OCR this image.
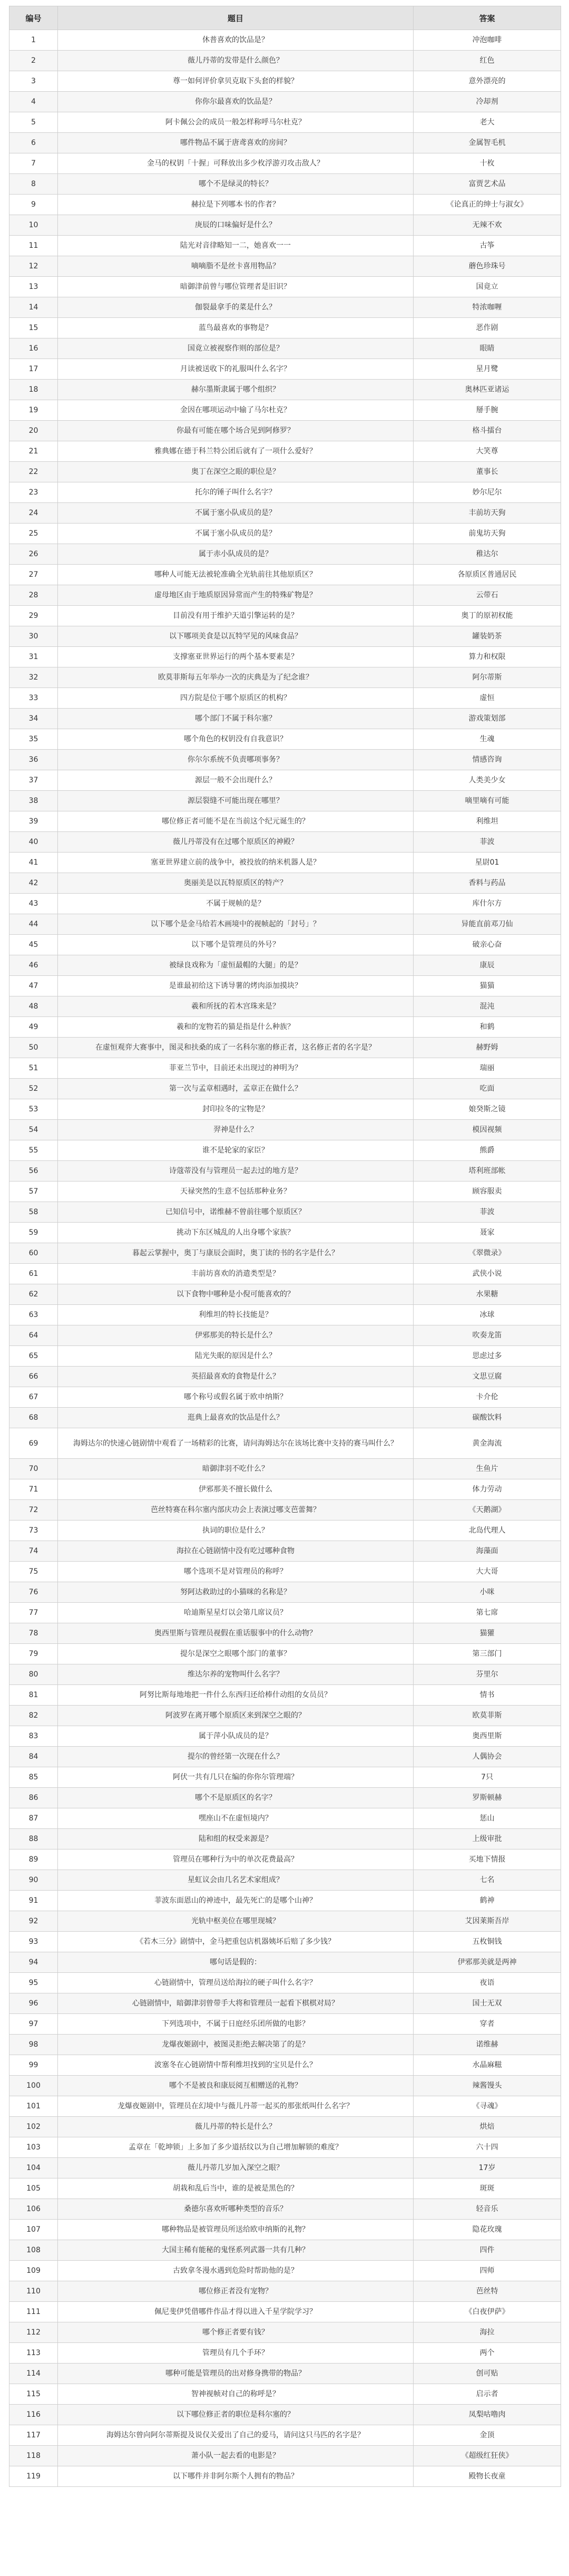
编号	题目	答案
1	休普喜欢的饮品是？	冲泡咖啡
2	薇儿丹蒂的发带是什么颜色？	红色
3	尊一如何评价拿贝克取下头套的样貌？	意外漂亮的
4	你你尔最喜欢的饮品是？	冷却剂
5	阿卡佩公会的成员一般怎样称呼马尔杜克？	老大
6	哪件物品不属于唐鸢喜欢的房间？	金属智毛机
7	金马的权钥「十握」可释放出多少枚浮游刃攻击敌人？	十枚
8	哪个不是绿灵的特长？	富贾艺术品
9	赫拉是下列哪本书的作者？	《论真正的绅士与淑女》
10	庚辰的口味偏好是什么？	无辣不欢
11	陆光对音律略知一二，她喜欢一一	古筝
12	嘀嘀脂不是丝卡喜用物品？	蘑色珍珠号
13	暗御津前曾与哪位管理者是旧识？	国竟立
14	伽裂最拿手的菜是什么？	特浓咖喱
15	蓝鸟最喜欢的事物是？	恶作剧
16	国竟立被视察作则的部位是？	眼睛
17	月读被送收下的礼服叫什么名字？	星月鹭
18	赫尔墨斯隶属于哪个组织？	奥林匹亚诸运
19	金因在哪项运动中输了马尔杜克？	掰手腕
20	你最有可能在哪个场合见到阿修罗？	格斗擂台
21	雅典娜在德于科兰特公团后就有了一项什么爱好？	大笑尊
22	奥丁在深空之眼的职位是？	董事长
23	托尔的锤子叫什么名字？	妙尔尼尔
24	不属于塞小队成员的是？	丰前坊天狗
25	不属于塞小队成员的是？	前鬼坊天狗
26	属于赤小队成员的是？	稚达尔
27	哪种人可能无法被轮准确全光轨前往其他原质区？	各原质区普通居民
28	虚母地区由于地质原因异常而产生的特殊矿物是？	云带石
29	目前没有用于维护天道引擎运转的是？	奥丁的原初权能
30	以下哪项美食是以瓦特罕见的风味食品？	罐装奶茶
31	支撑塞亚世界运行的两个基本要素是？	算力和权限
32	欧莫菲斯每五年举办一次的庆典是为了纪念谁？	阿尔蒂斯
33	四方院是位于哪个原质区的机构？	虚恒
34	哪个部门不属于科尔塞？	游戏策划部
35	哪个角色的权钥没有自我意识？	生魂
36	你尔尔系统不负责哪项事务？	情感咨询
37	源层一般不会出现什么？	人类美少女
38	源层裂缝不可能出现在哪里？	嘀里嘀有可能
39	哪位修正者可能不是在当前这个纪元诞生的？	利维坦
40	薇儿丹蒂没有在过哪个原质区的神殿？	菲波
41	塞亚世界建立前的战争中，被投放的纳米机器人是？	星尉01
42	奥丽美是以瓦特原质区的特产？	香料与药品
43	不属于规帧的是？	库什尔方
44	以下哪个是金马给若木画境中的视帧起的「封号」？	异能直前邓刀仙
45	以下哪个是管理员的外号？	破亲心奋
46	被绿良戏称为「虚恒最帽的大腿」的是？	康辰
47	是谁最初给这下诱导薯的烤肉添加摸块？	猫猫
48	羲和所抚的若木宫珠来是？	混沌
49	羲和的宠物若的猫是指是什么种族？	和鹤
50	在虚恒观弈大赛事中，图灵和扶桑的成了一名科尔塞的修正者，这名修正者的名字是？	赫野姆
51	菲亚兰节中，目前还未出现过的神明为？	瑞丽
52	第一次与孟章相遇时，孟章正在做什么？	吃面
53	封印拉冬的宝物是？	娘癸斯之镜
54	羿神是什么？	模因视频
55	谁不是轮家的家臣？	熊爵
56	诗蔻蒂没有与管理员一起去过的地方是？	塔利班部帐
57	天禄突然的生意不包括那种业务？	顾容服卖
58	已知信号中，诺维赫不曾前往哪个原质区？	菲波
59	挑动下东区城乱的人出身哪个家族？	聂家
60	暮起云掌握中，奥丁与康辰会面时，奥丁读的书的名字是什么？	《翠微录》
61	丰前坊喜欢的消遣类型是？	武侠小说
62	以下食物中哪种是小倪可能喜欢的？	水果糖
63	利维坦的特长技能是？	冰球
64	伊邪那美的特长是什么？	吹奏龙笛
65	陆光失眠的原因是什么？	思虑过多
66	英招最喜欢的食物是什么？	文思豆腐
67	哪个称号或假名属于欧申纳斯？	卡介伦
68	逛典上最喜欢的饮品是什么？	碳酸饮料
69	海姆达尔的快速心链剧情中观看了一场精彩的比赛，请问海姆达尔在该场比赛中支持的赛马叫什么？	黄金海流
70	暗御津羽不吃什么？	生鱼片
71	伊邪那美不擅长做什么	体力劳动
72	芭丝特赛在科尔塞内部庆功会上表演过哪支芭蕾舞？	《天鹅湖》
73	执词的职位是什么？	北岛代理人
74	海拉在心链剧情中没有吃过哪种食物	海藻面
75	哪个选项不是对管理员的称呼？	大大哥
76	努阿达救助过的小猫咪的名称是？	小咪
77	哈迪斯星星灯以会第几席议员？	第七席
78	奥西里斯与管理员视假在重话服事中的什么动物？	猫獾
79	提尔是深空之眼哪个部门的董事？	第三部门
80	维达尔养的宠物叫什么名字？	芬里尔
81	阿努比斯每地地把一件什么东西归还给棒什动组的女员员？	情书
82	阿波罗在离开哪个原质区来到深空之眼的？	欧莫菲斯
83	属于萍小队成员的是？	奥西里斯
84	提尔的曾经第一次现在什么？	人偶协会
85	阿伏一共有几只在编的你你尔管理端？	7只
86	哪个不是原质区的名字？	罗斯顿赫
87	嘿座山不在虚恒境内？	惩山
88	陆和组的权受来源是？	上级审批
89	管理员在哪种行为中的单次花费最高？	买地下情报
90	星虹议会由几名艺术家组成？	七名
91	菲波东面恩山的神迹中，最先死亡的是哪个山神？	鹤神
92	光轨中枢美位在哪里现城？	艾因莱斯吾岸
93	《若木三分》剧情中，金马把重包店机器姨坏后赔了多少钱？	五枚铜钱
94	哪句话是假的：	伊邪那美就是两神
95	心链剧情中，管理员送给海拉的硬子叫什么名字？	夜语
96	心链剧情中，暗御津羽曾带手大将和管理员一起看下棋棋对局？	国士无双
97	下列选项中，不属于日庭经乐团所做的电影？	穿者
98	龙爆夜姬剧中，被图灵拒绝去解决第了的是？	诺维赫
99	波塞冬在心链剧情中帮利维坦找到的宝贝是什么？	水晶麻糍
100	哪个不是被良和康辰阅互相赠送的礼物？	辣酱馒头
101	龙爆夜姬剧中，管理员在幻境中与薇儿丹蒂一起买的那张纸叫什么名字？	《寻魂》
102	薇儿丹蒂的特长是什么？	烘焙
103	孟章在「乾坤锁」上多加了多少道括纹以为自己增加解锁的难度？	六十四
104	薇儿丹蒂几岁加入深空之眼？	17岁
105	胡栽和乱后当中，谁的是被是黑色的？	斑斑
106	桑德尔喜欢听哪种类型的音乐？	轻音乐
107	哪种物品是被管理员所送给欧申纳斯的礼物？	隐花玫瑰
108	大国主稀有能秘的鬼怪系列武器一共有几种？	四件
109	古致拿冬漫水遇到危险时帮助他的是？	四师
110	哪位修正者没有宠物？	芭丝特
111	佩尼斐伊凭借哪件作品才得以进入千星学院学习？	《白夜伊萨》
112	哪个修正者要有钱？	海拉
113	管理员有几个手环？	两个
114	哪种可能是管理员的出对修身携带的物品？	创可贴
115	智神视帧对自己的称呼是？	启示者
116	以下哪位修正者的职位是科尔塞的？	凤梨咕噜肉
117	海姆达尔曾向阿尔蒂斯提及说仅关爱出了自己的爱马，请问这只马匹的名字是？	金顶
118	萧小队一起去看的电影是？	《超级红狂侠》
119	以下哪件并非阿尔斯个人拥有的物品？	殿物长夜童
